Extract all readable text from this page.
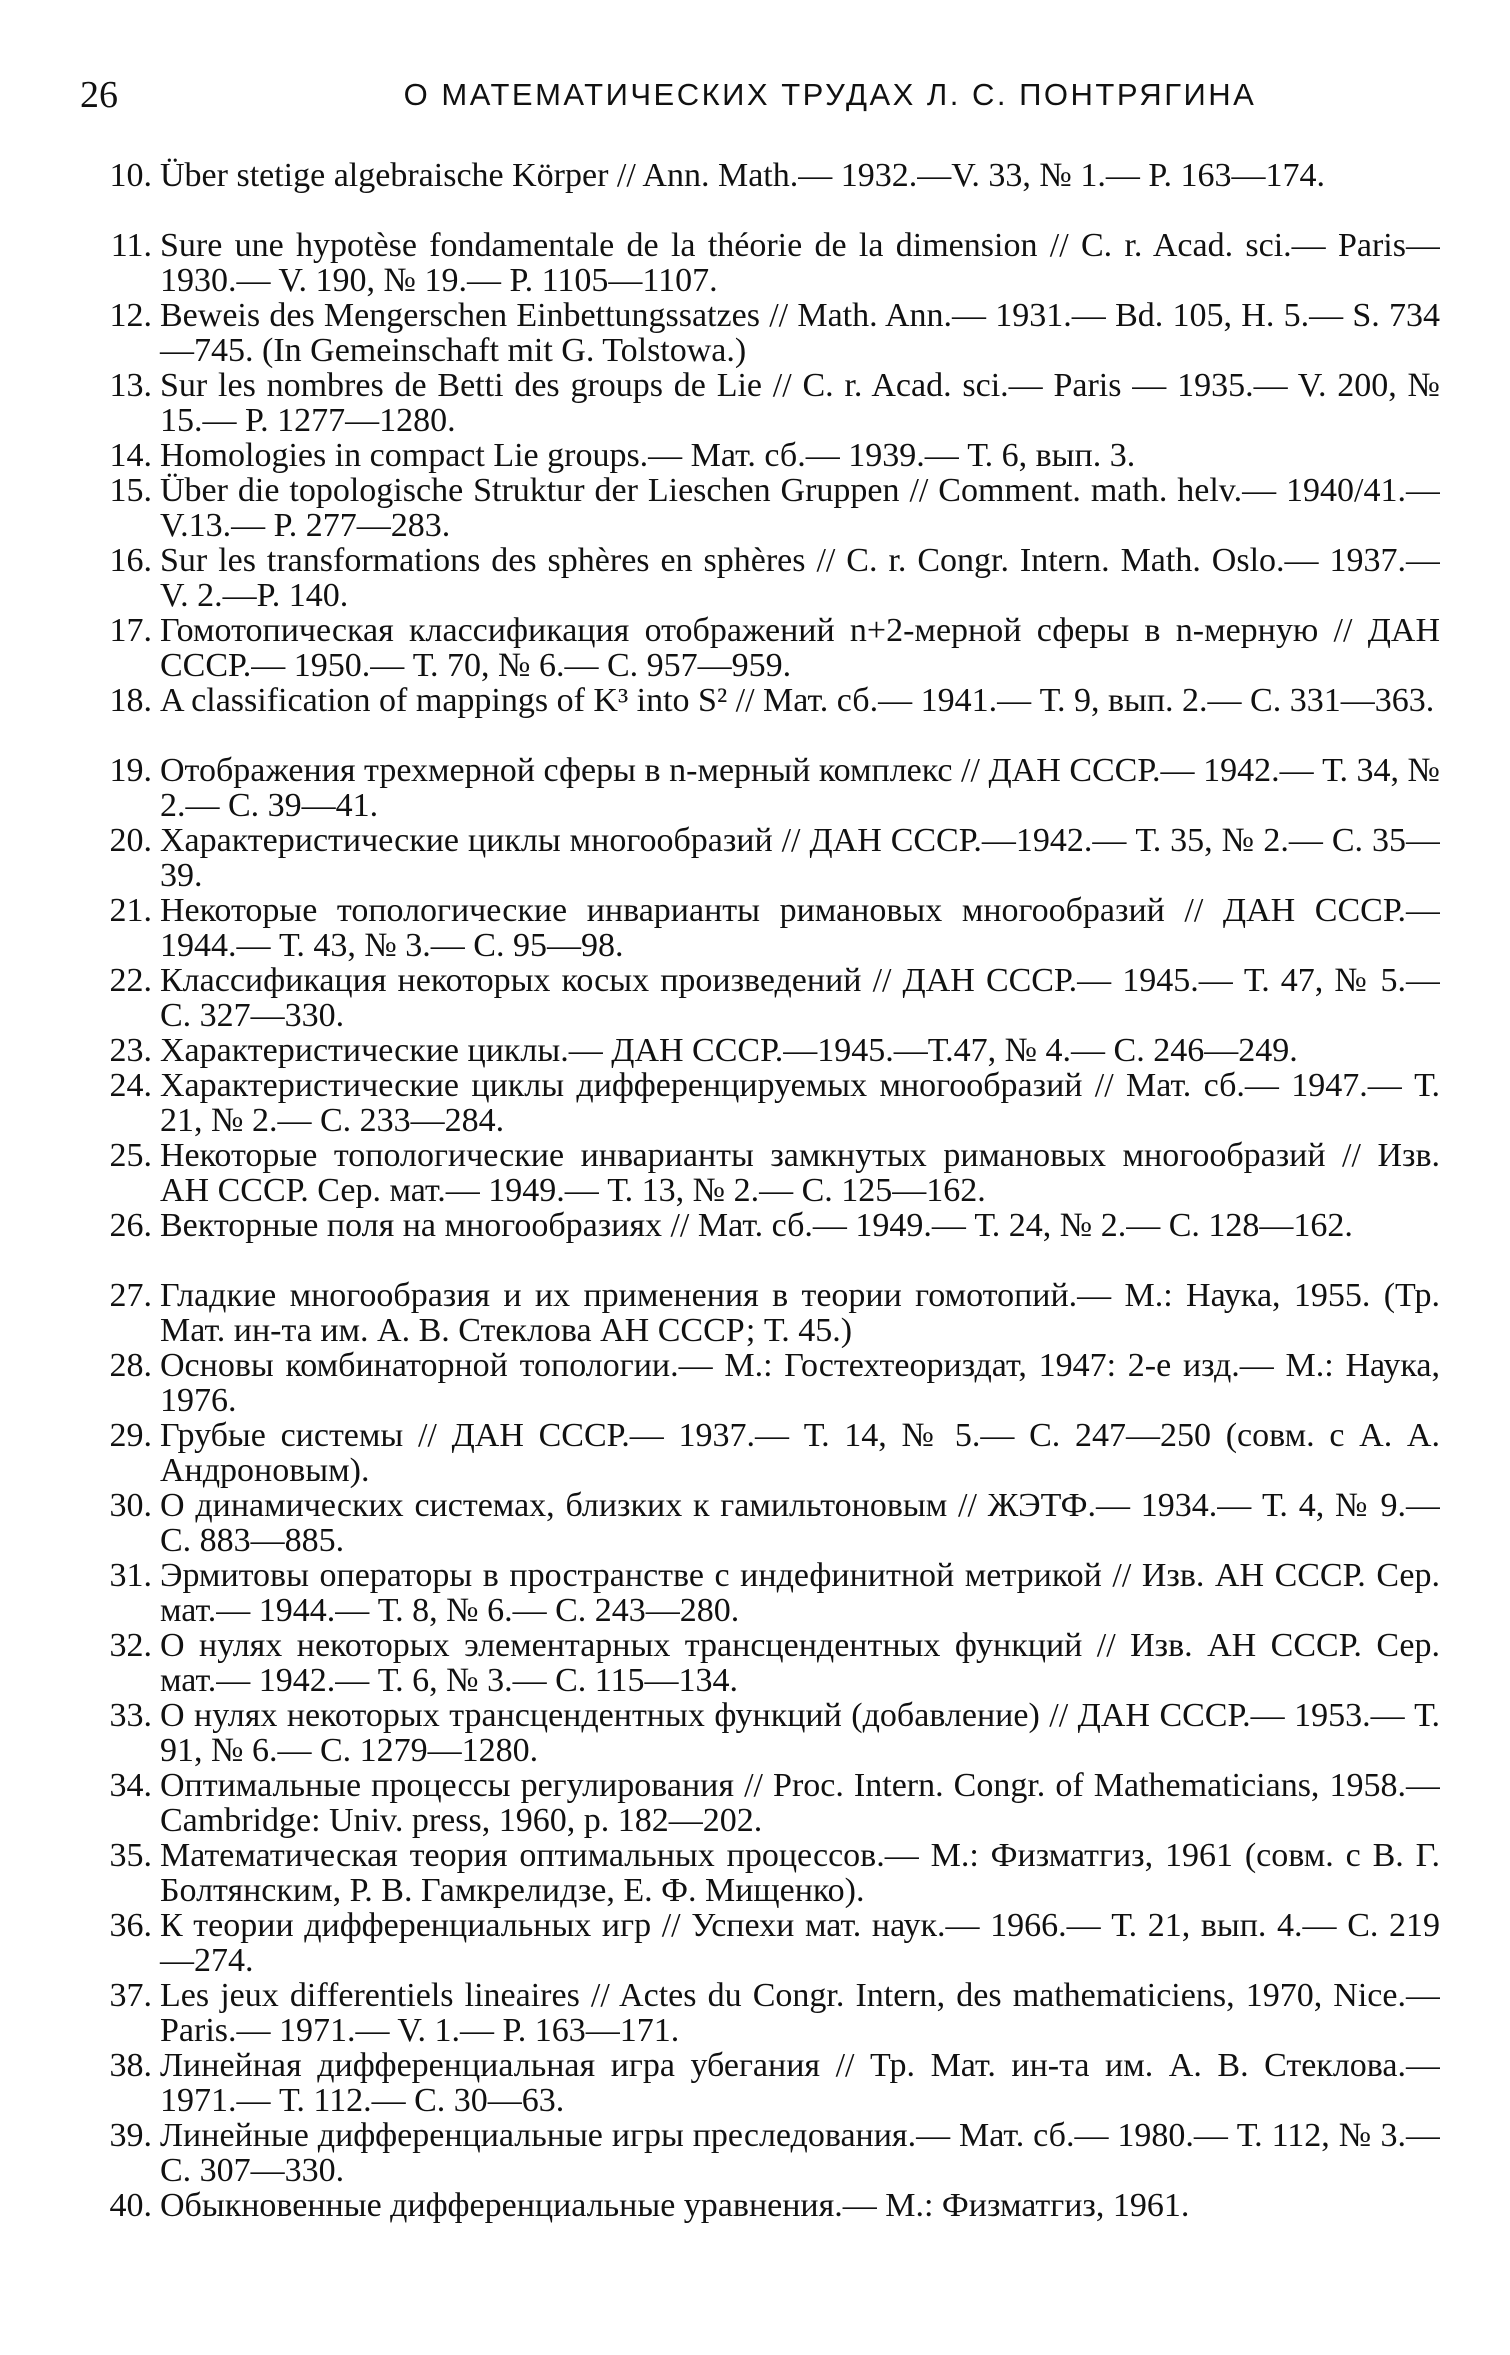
26	О МАТЕМАТИЧЕСКИХ ТРУДАХ Л. С. ПОНТРЯГИНА
10. Über stetige algebraische Körper // Ann. Math.— 1932.—V. 33, № 1.— P. 163—174.
11. Sure une hypotèse fondamentale de la théorie de la dimension // C. r. Acad. sci.— Paris— 1930.— V. 190, № 19.— P. 1105—1107.
12. Beweis des Mengerschen Einbettungssatzes // Math. Ann.— 1931.— Bd. 105, H. 5.— S. 734—745. (In Gemeinschaft mit G. Tolstowa.)
13. Sur les nombres de Betti des groups de Lie // C. r. Acad. sci.— Paris — 1935.— V. 200, № 15.— P. 1277—1280.
14. Homologies in compact Lie groups.— Мат. сб.— 1939.— Т. 6, вып. 3.
15. Über die topologische Struktur der Lieschen Gruppen // Comment. math. helv.— 1940/41.— V.13.— P. 277—283.
16. Sur les transformations des sphères en sphères // C. r. Congr. Intern. Math. Oslo.— 1937.— V. 2.—P. 140.
17. Гомотопическая классификация отображений n+2-мерной сферы в n-мерную // ДАН СССР.— 1950.— Т. 70, № 6.— С. 957—959.
18. A classification of mappings of K³ into S² // Мат. сб.— 1941.— Т. 9, вып. 2.— С. 331—363.
19. Отображения трехмерной сферы в n-мерный комплекс // ДАН СССР.— 1942.— Т. 34, № 2.— С. 39—41.
20. Характеристические циклы многообразий // ДАН СССР.—1942.— Т. 35, № 2.— С. 35—39.
21. Некоторые топологические инварианты римановых многообразий // ДАН СССР.— 1944.— Т. 43, № 3.— С. 95—98.
22. Классификация некоторых косых произведений // ДАН СССР.— 1945.— Т. 47, № 5.— С. 327—330.
23. Характеристические циклы.— ДАН СССР.—1945.—Т.47, № 4.— С. 246—249.
24. Характеристические циклы дифференцируемых многообразий // Мат. сб.— 1947.— Т. 21, № 2.— С. 233—284.
25. Некоторые топологические инварианты замкнутых римановых многообразий // Изв. АН СССР. Сер. мат.— 1949.— Т. 13, № 2.— С. 125—162.
26. Векторные поля на многообразиях // Мат. сб.— 1949.— Т. 24, № 2.— С. 128—162.
27. Гладкие многообразия и их применения в теории гомотопий.— М.: Наука, 1955. (Тр. Мат. ин-та им. А. В. Стеклова АН СССР; Т. 45.)
28. Основы комбинаторной топологии.— М.: Гостехтеориздат, 1947: 2-е изд.— М.: Наука, 1976.
29. Грубые системы // ДАН СССР.— 1937.— Т. 14, № 5.— С. 247—250 (совм. с А. А. Андроновым).
30. О динамических системах, близких к гамильтоновым // ЖЭТФ.— 1934.— Т. 4, № 9.— С. 883—885.
31. Эрмитовы операторы в пространстве с индефинитной метрикой // Изв. АН СССР. Сер. мат.— 1944.— Т. 8, № 6.— С. 243—280.
32. О нулях некоторых элементарных трансцендентных функций // Изв. АН СССР. Сер. мат.— 1942.— Т. 6, № 3.— С. 115—134.
33. О нулях некоторых трансцендентных функций (добавление) // ДАН СССР.— 1953.— Т. 91, № 6.— С. 1279—1280.
34. Оптимальные процессы регулирования // Proc. Intern. Congr. of Mathematicians, 1958.— Cambridge: Univ. press, 1960, p. 182—202.
35. Математическая теория оптимальных процессов.— М.: Физматгиз, 1961 (совм. с В. Г. Болтянским, Р. В. Гамкрелидзе, Е. Ф. Мищенко).
36. К теории дифференциальных игр // Успехи мат. наук.— 1966.— Т. 21, вып. 4.— С. 219—274.
37. Les jeux differentiels lineaires // Actes du Congr. Intern, des mathematiciens, 1970, Nice.— Paris.— 1971.— V. 1.— P. 163—171.
38. Линейная дифференциальная игра убегания // Тр. Мат. ин-та им. А. В. Стеклова.— 1971.— Т. 112.— С. 30—63.
39. Линейные дифференциальные игры преследования.— Мат. сб.— 1980.— Т. 112, № 3.— С. 307—330.
40. Обыкновенные дифференциальные уравнения.— М.: Физматгиз, 1961.
